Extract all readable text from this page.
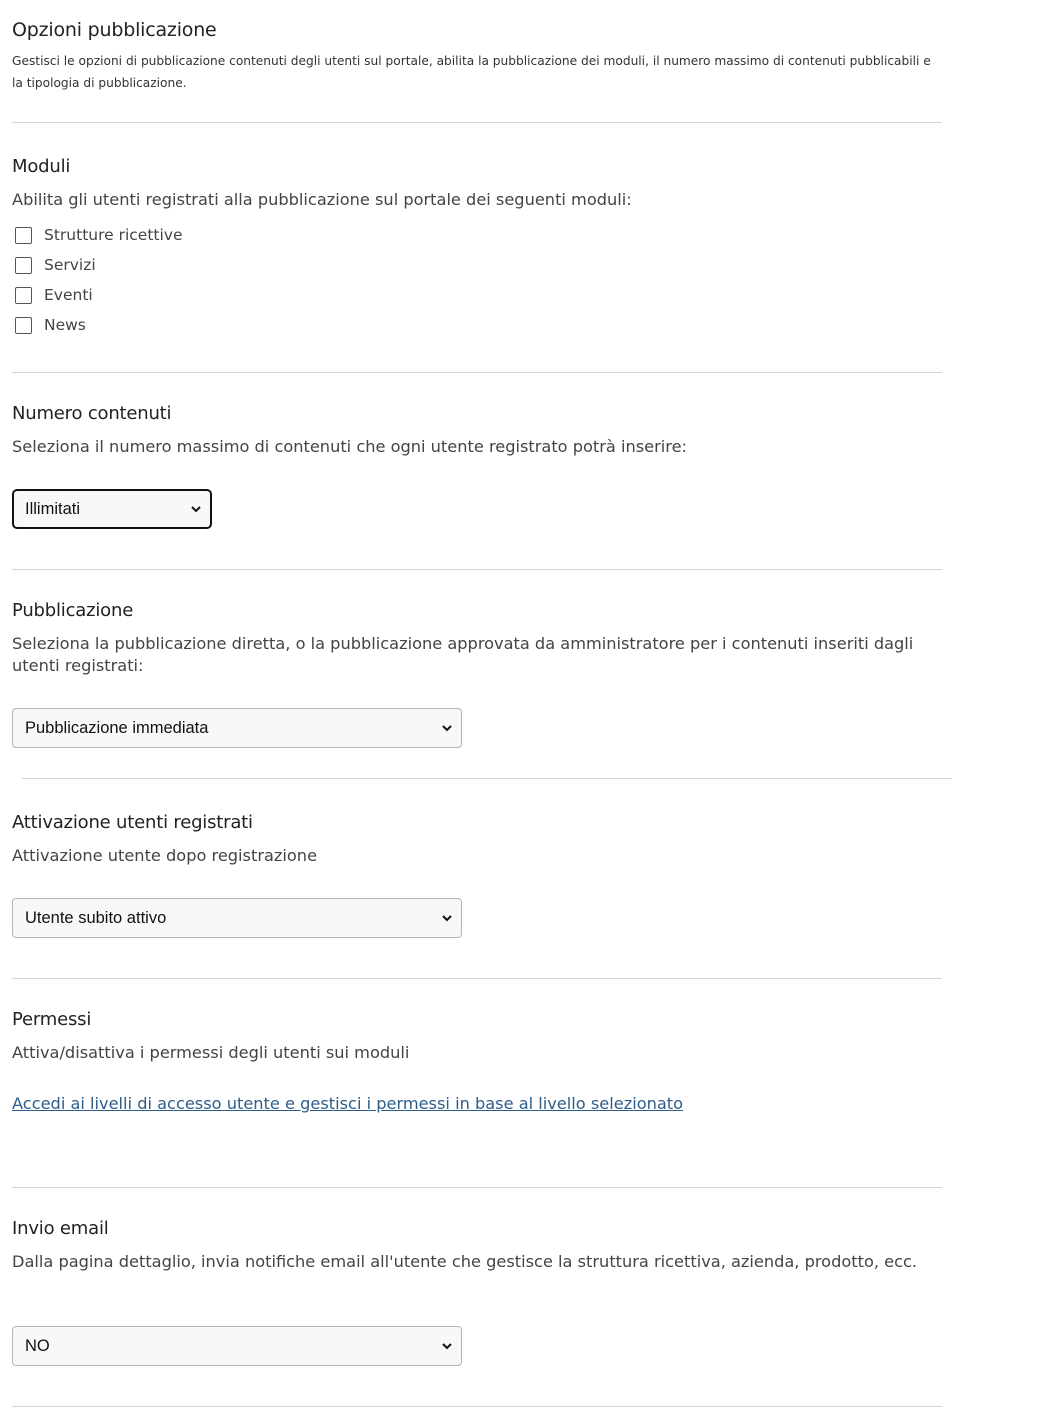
Opzioni pubblicazione

Gestisci le opzioni di pubblicazione contenuti degli utenti sul portale, abilita la pubblicazione dei moduli, il numero massimo di contenuti pubblicabili e la tipologia di pubblicazione.

Moduli

Abilita gli utenti registrati alla pubblicazione sul portale dei seguenti moduli:

Strutture ricettive
Servizi
Eventi
News
Numero contenuti

Seleziona il numero massimo di contenuti che ogni utente registrato potrà inserire:

Illimitati
Pubblicazione

Seleziona la pubblicazione diretta, o la pubblicazione approvata da amministratore per i contenuti inseriti dagli utenti registrati:

Pubblicazione immediata
Attivazione utenti registrati

Attivazione utente dopo registrazione

Utente subito attivo
Permessi

Attiva/disattiva i permessi degli utenti sui moduli

Accedi ai livelli di accesso utente e gestisci i permessi in base al livello selezionato
Invio email

Dalla pagina dettaglio, invia notifiche email all'utente che gestisce la struttura ricettiva, azienda, prodotto, ecc.

NO
